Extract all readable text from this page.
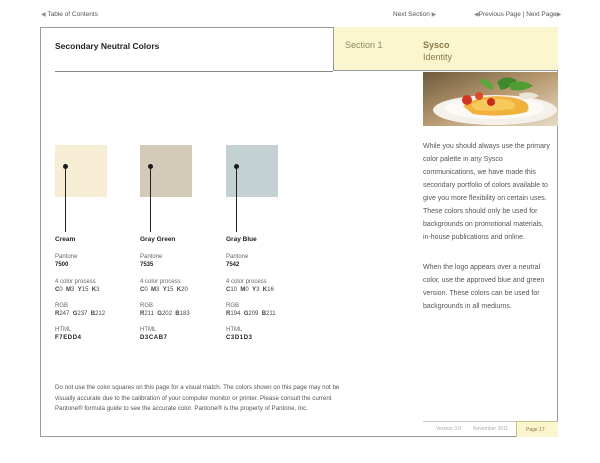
◀ Table of Contents	Next Section ▶	◀Previous Page | Next Page▶
Section 1	Sysco
Identity
Secondary Neutral Colors
Cream
Pantone
7500
4 color process
C0 M3 Y15 K3
RGB
R247 G237 B212
HTML
F7EDD4
Gray Green
Pantone
7535
4 color process
C0 M3 Y15 K20
RGB
R211 G202 B183
HTML
D3CAB7
Gray Blue
Pantone
7542
4 color process
C10 M0 Y3 K16
RGB
R194 G209 B211
HTML
C3D1D3
While you should always use the primary color palette in any Sysco communications, we have made this secondary portfolio of colors available to give you more flexibility on certain uses. These colors should only be used for backgrounds on promotional materials, in-house publications and online.
When the logo appears over a neutral color, use the approved blue and green version. These colors can be used for backgrounds in all mediums.
Do not use the color squares on this page for a visual match. The colors shown on this page may not be visually accurate due to the calibration of your computer monitor or printer. Please consult the current Pantone® formula guide to see the accurate color. Pantone® is the property of Pantone, Inc.
Version 3.0 November 2011	Page 17
